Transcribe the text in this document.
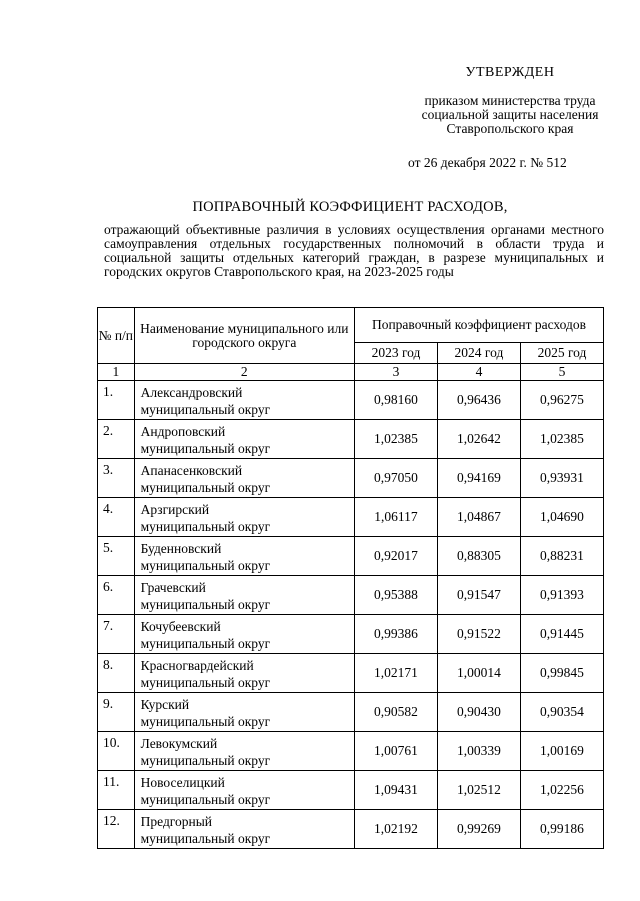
УТВЕРЖДЕН
приказом министерства труда
социальной защиты населения
Ставропольского края
от 26 декабря 2022 г. № 512
ПОПРАВОЧНЫЙ КОЭФФИЦИЕНТ РАСХОДОВ,
отражающий объективные различия в условиях осуществления органами местного самоуправления отдельных государственных полномочий в области труда и социальной защиты отдельных категорий граждан, в разрезе муниципальных и городских округов Ставропольского края, на 2023-2025 годы
№ п/п	Наименование муниципального или городского округа	Поправочный коэффициент расходов		
		2023 год	2024 год	2025 год
1	2	3	4	5
1.	Александровский
муниципальный округ	0,98160	0,96436	0,96275
2.	Андроповский
муниципальный округ	1,02385	1,02642	1,02385
3.	Апанасенковский
муниципальный округ	0,97050	0,94169	0,93931
4.	Арзгирский
муниципальный округ	1,06117	1,04867	1,04690
5.	Буденновский
муниципальный округ	0,92017	0,88305	0,88231
6.	Грачевский
муниципальный округ	0,95388	0,91547	0,91393
7.	Кочубеевский
муниципальный округ	0,99386	0,91522	0,91445
8.	Красногвардейский
муниципальный округ	1,02171	1,00014	0,99845
9.	Курский
муниципальный округ	0,90582	0,90430	0,90354
10.	Левокумский
муниципальный округ	1,00761	1,00339	1,00169
11.	Новоселицкий
муниципальный округ	1,09431	1,02512	1,02256
12.	Предгорный
муниципальный округ	1,02192	0,99269	0,99186
